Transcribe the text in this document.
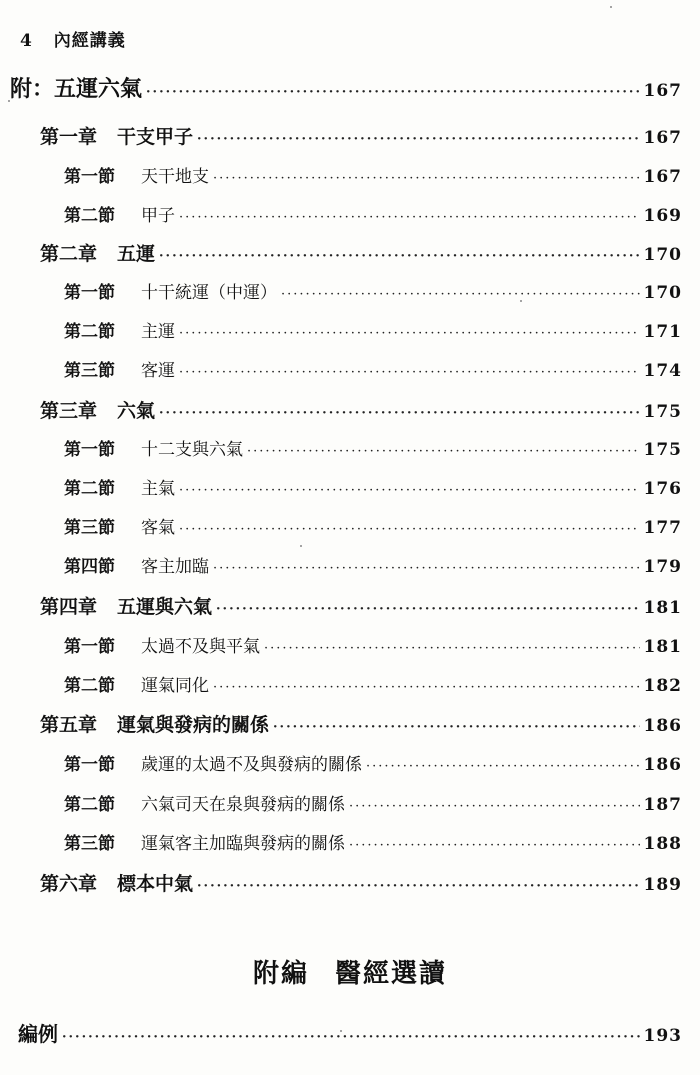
4 內經講義
附：五運六氣 ·····	167
第一章 干支甲子 ·····	167
第一節 天干地支 ·····	167
第二節 甲子 ·····	169
第二章 五運 ·····	170
第一節 十干統運（中運） ·····	170
第二節 主運 ·····	171
第三節 客運 ·····	174
第三章 六氣 ·····	175
第一節 十二支與六氣 ·····	175
第二節 主氣 ·····	176
第三節 客氣 ·····	177
第四節 客主加臨 ·····	179
第四章 五運與六氣 ·····	181
第一節 太過不及與平氣 ·····	181
第二節 運氣同化 ·····	182
第五章 運氣與發病的關係 ·····	186
第一節 歲運的太過不及與發病的關係 ·····	186
第二節 六氣司天在泉與發病的關係 ·····	187
第三節 運氣客主加臨與發病的關係 ·····	188
第六章 標本中氣 ·····	189
附編 醫經選讀
編例 ·····	193
